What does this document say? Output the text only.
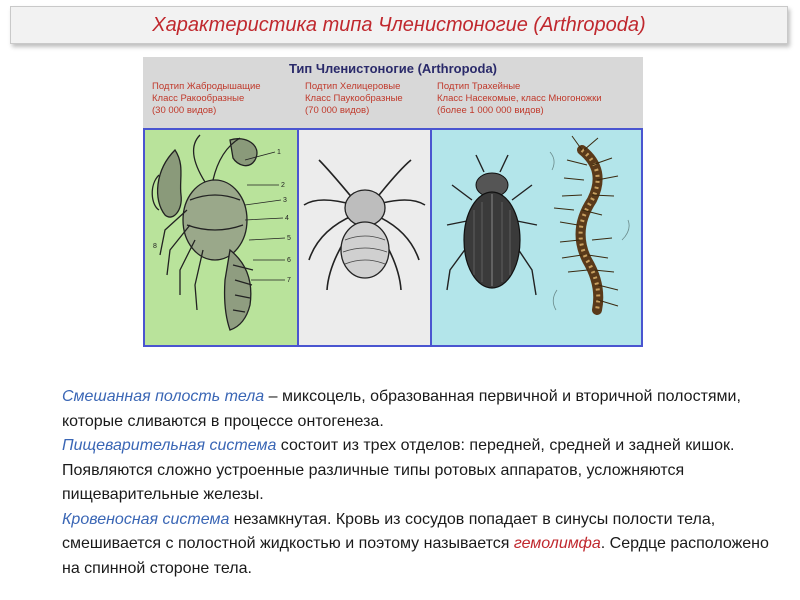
Характеристика типа Членистоногие (Arthropoda)
Тип Членистоногие (Arthropoda)
Подтип Жабродышащие
Класс Ракообразные
(30 000 видов)
Подтип Хелицеровые
Класс Паукообразные
(70 000 видов)
Подтип Трахейные
Класс Насекомые, класс Многоножки
(более 1 000 000 видов)
1
2
3
4
5
6
7
8

Смешанная полость тела – миксоцель, образованная первичной и вторичной полостями, которые сливаются в процессе онтогенеза.

Пищеварительная система состоит из трех отделов: передней, средней и задней кишок. Появляются сложно устроенные различные типы ротовых аппаратов, усложняются пищеварительные железы.

Кровеносная система незамкнутая. Кровь из сосудов попадает в синусы полости тела, смешивается с полостной жидкостью и поэтому называется гемолимфа. Сердце расположено на спинной стороне тела.
